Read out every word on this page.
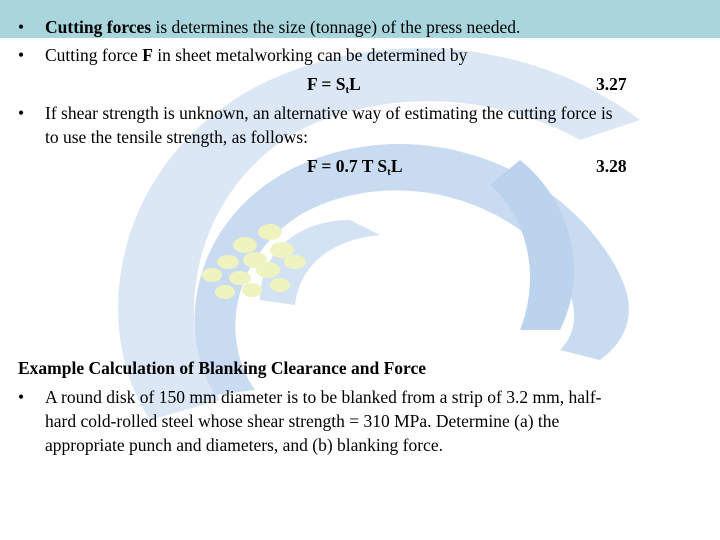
• Cutting forces is determines the size (tonnage) of the press needed.
• Cutting force F in sheet metalworking can be determined by
$F = S_tL$	3.27
• If shear strength is unknown, an alternative way of estimating the cutting force is
to use the tensile strength, as follows:
F = 0.7 T $S_tL$	3.28
Example Calculation of Blanking Clearance and Force
• A round disk of 150 mm diameter is to be blanked from a strip of 3.2 mm, half-
hard cold-rolled steel whose shear strength = 310 MPa. Determine (a) the
appropriate punch and diameters, and (b) blanking force.
